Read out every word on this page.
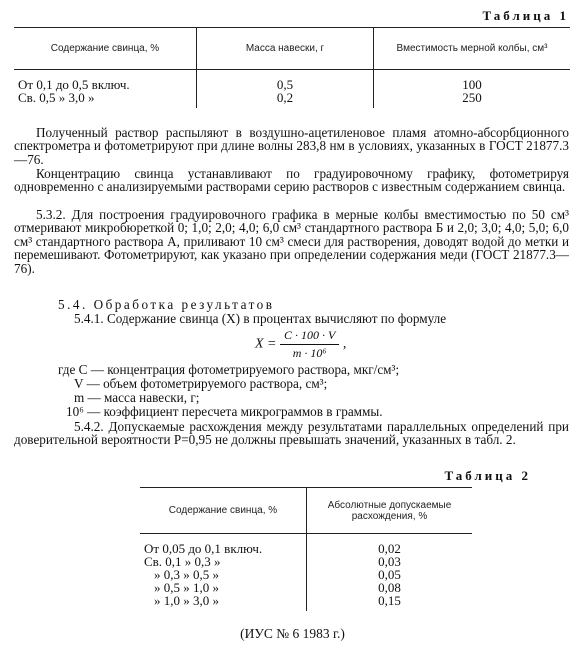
Таблица 1
Содержание свинца, %	Масса навески, г	Вместимость мерной колбы, см³
От 0,1 до 0,5 включ.	0,5	100
Св. 0,5 » 3,0 »	0,2	250
Полученный раствор распыляют в воздушно-ацетиленовое пламя атомно-абсорбционного спектрометра и фотометрируют при длине волны 283,8 нм в условиях, указанных в ГОСТ 21877.3—76.
Концентрацию свинца устанавливают по градуировочному графику, фотометрируя одновременно с анализируемыми растворами серию растворов с известным содержанием свинца.
5.3.2. Для построения градуировочного графика в мерные колбы вместимостью по 50 см³ отмеривают микробюреткой 0; 1,0; 2,0; 4,0; 6,0 см³ стандартного раствора Б и 2,0; 3,0; 4,0; 5,0; 6,0 см³ стандартного раствора А, приливают 10 см³ смеси для растворения, доводят водой до метки и перемешивают. Фотометрируют, как указано при определении содержания меди (ГОСТ 21877.3—76).
5.4. Обработка результатов
5.4.1. Содержание свинца (X) в процентах вычисляют по формуле
$X = \frac{C \cdot 100 \cdot V}{\text{m · 10⁶}}$ ,
где C — концентрация фотометрируемого раствора, мкг/см³;
V — объем фотометрируемого раствора, см³;
m — масса навески, г;
10⁶ — коэффициент пересчета микрограммов в граммы.
5.4.2. Допускаемые расхождения между результатами параллельных определений при доверительной вероятности P=0,95 не должны превышать значений, указанных в табл. 2.
Таблица 2
Содержание свинца, %	Абсолютные допускаемые расхождения, %
От 0,05 до 0,1 включ.	0,02
Св. 0,1 » 0,3 »	0,03
» 0,3 » 0,5 »	0,05
» 0,5 » 1,0 »	0,08
» 1,0 » 3,0 »	0,15
(ИУС № 6 1983 г.)
